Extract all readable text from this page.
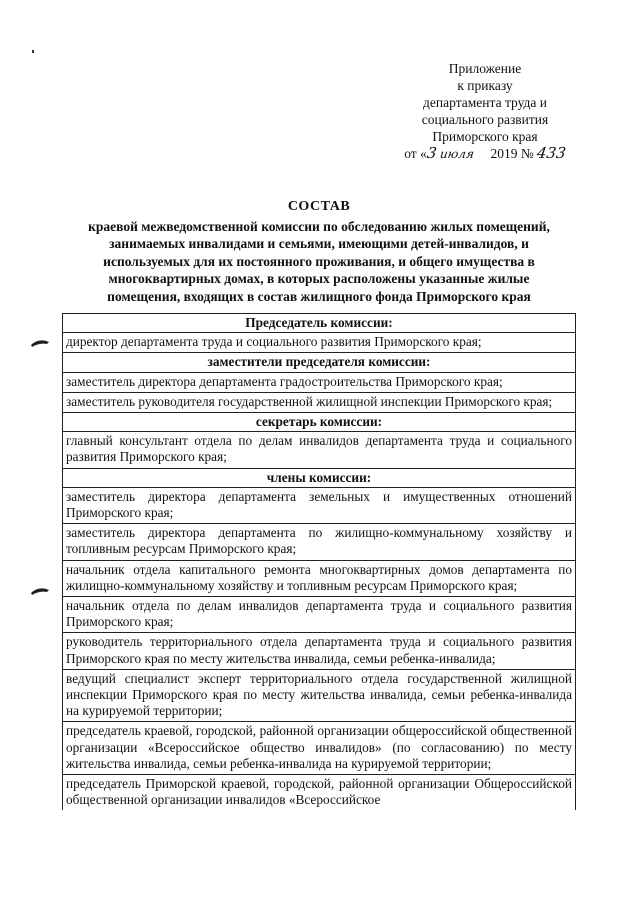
Приложение
к приказу
департамента труда и
социального развития
Приморского края
от «3 июля 2019 № 433
СОСТАВ
краевой межведомственной комиссии по обследованию жилых помещений,
занимаемых инвалидами и семьями, имеющими детей-инвалидов, и
используемых для их постоянного проживания, и общего имущества в
многоквартирных домах, в которых расположены указанные жилые
помещения, входящих в состав жилищного фонда Приморского края
Председатель комиссии:
директор департамента труда и социального развития Приморского края;
заместители председателя комиссии:
заместитель директора департамента градостроительства Приморского края;
заместитель руководителя государственной жилищной инспекции Приморского края;
секретарь комиссии:
главный консультант отдела по делам инвалидов департамента труда и социального развития Приморского края;
члены комиссии:
заместитель директора департамента земельных и имущественных отношений Приморского края;
заместитель директора департамента по жилищно-коммунальному хозяйству и топливным ресурсам Приморского края;
начальник отдела капитального ремонта многоквартирных домов департамента по жилищно-коммунальному хозяйству и топливным ресурсам Приморского края;
начальник отдела по делам инвалидов департамента труда и социального развития Приморского края;
руководитель территориального отдела департамента труда и социального развития Приморского края по месту жительства инвалида, семьи ребенка-инвалида;
ведущий специалист эксперт территориального отдела государственной жилищной инспекции Приморского края по месту жительства инвалида, семьи ребенка-инвалида на курируемой территории;
председатель краевой, городской, районной организации общероссийской общественной организации «Всероссийское общество инвалидов» (по согласованию) по месту жительства инвалида, семьи ребенка-инвалида на курируемой территории;
председатель Приморской краевой, городской, районной организации Общероссийской общественной организации инвалидов «Всероссийское
